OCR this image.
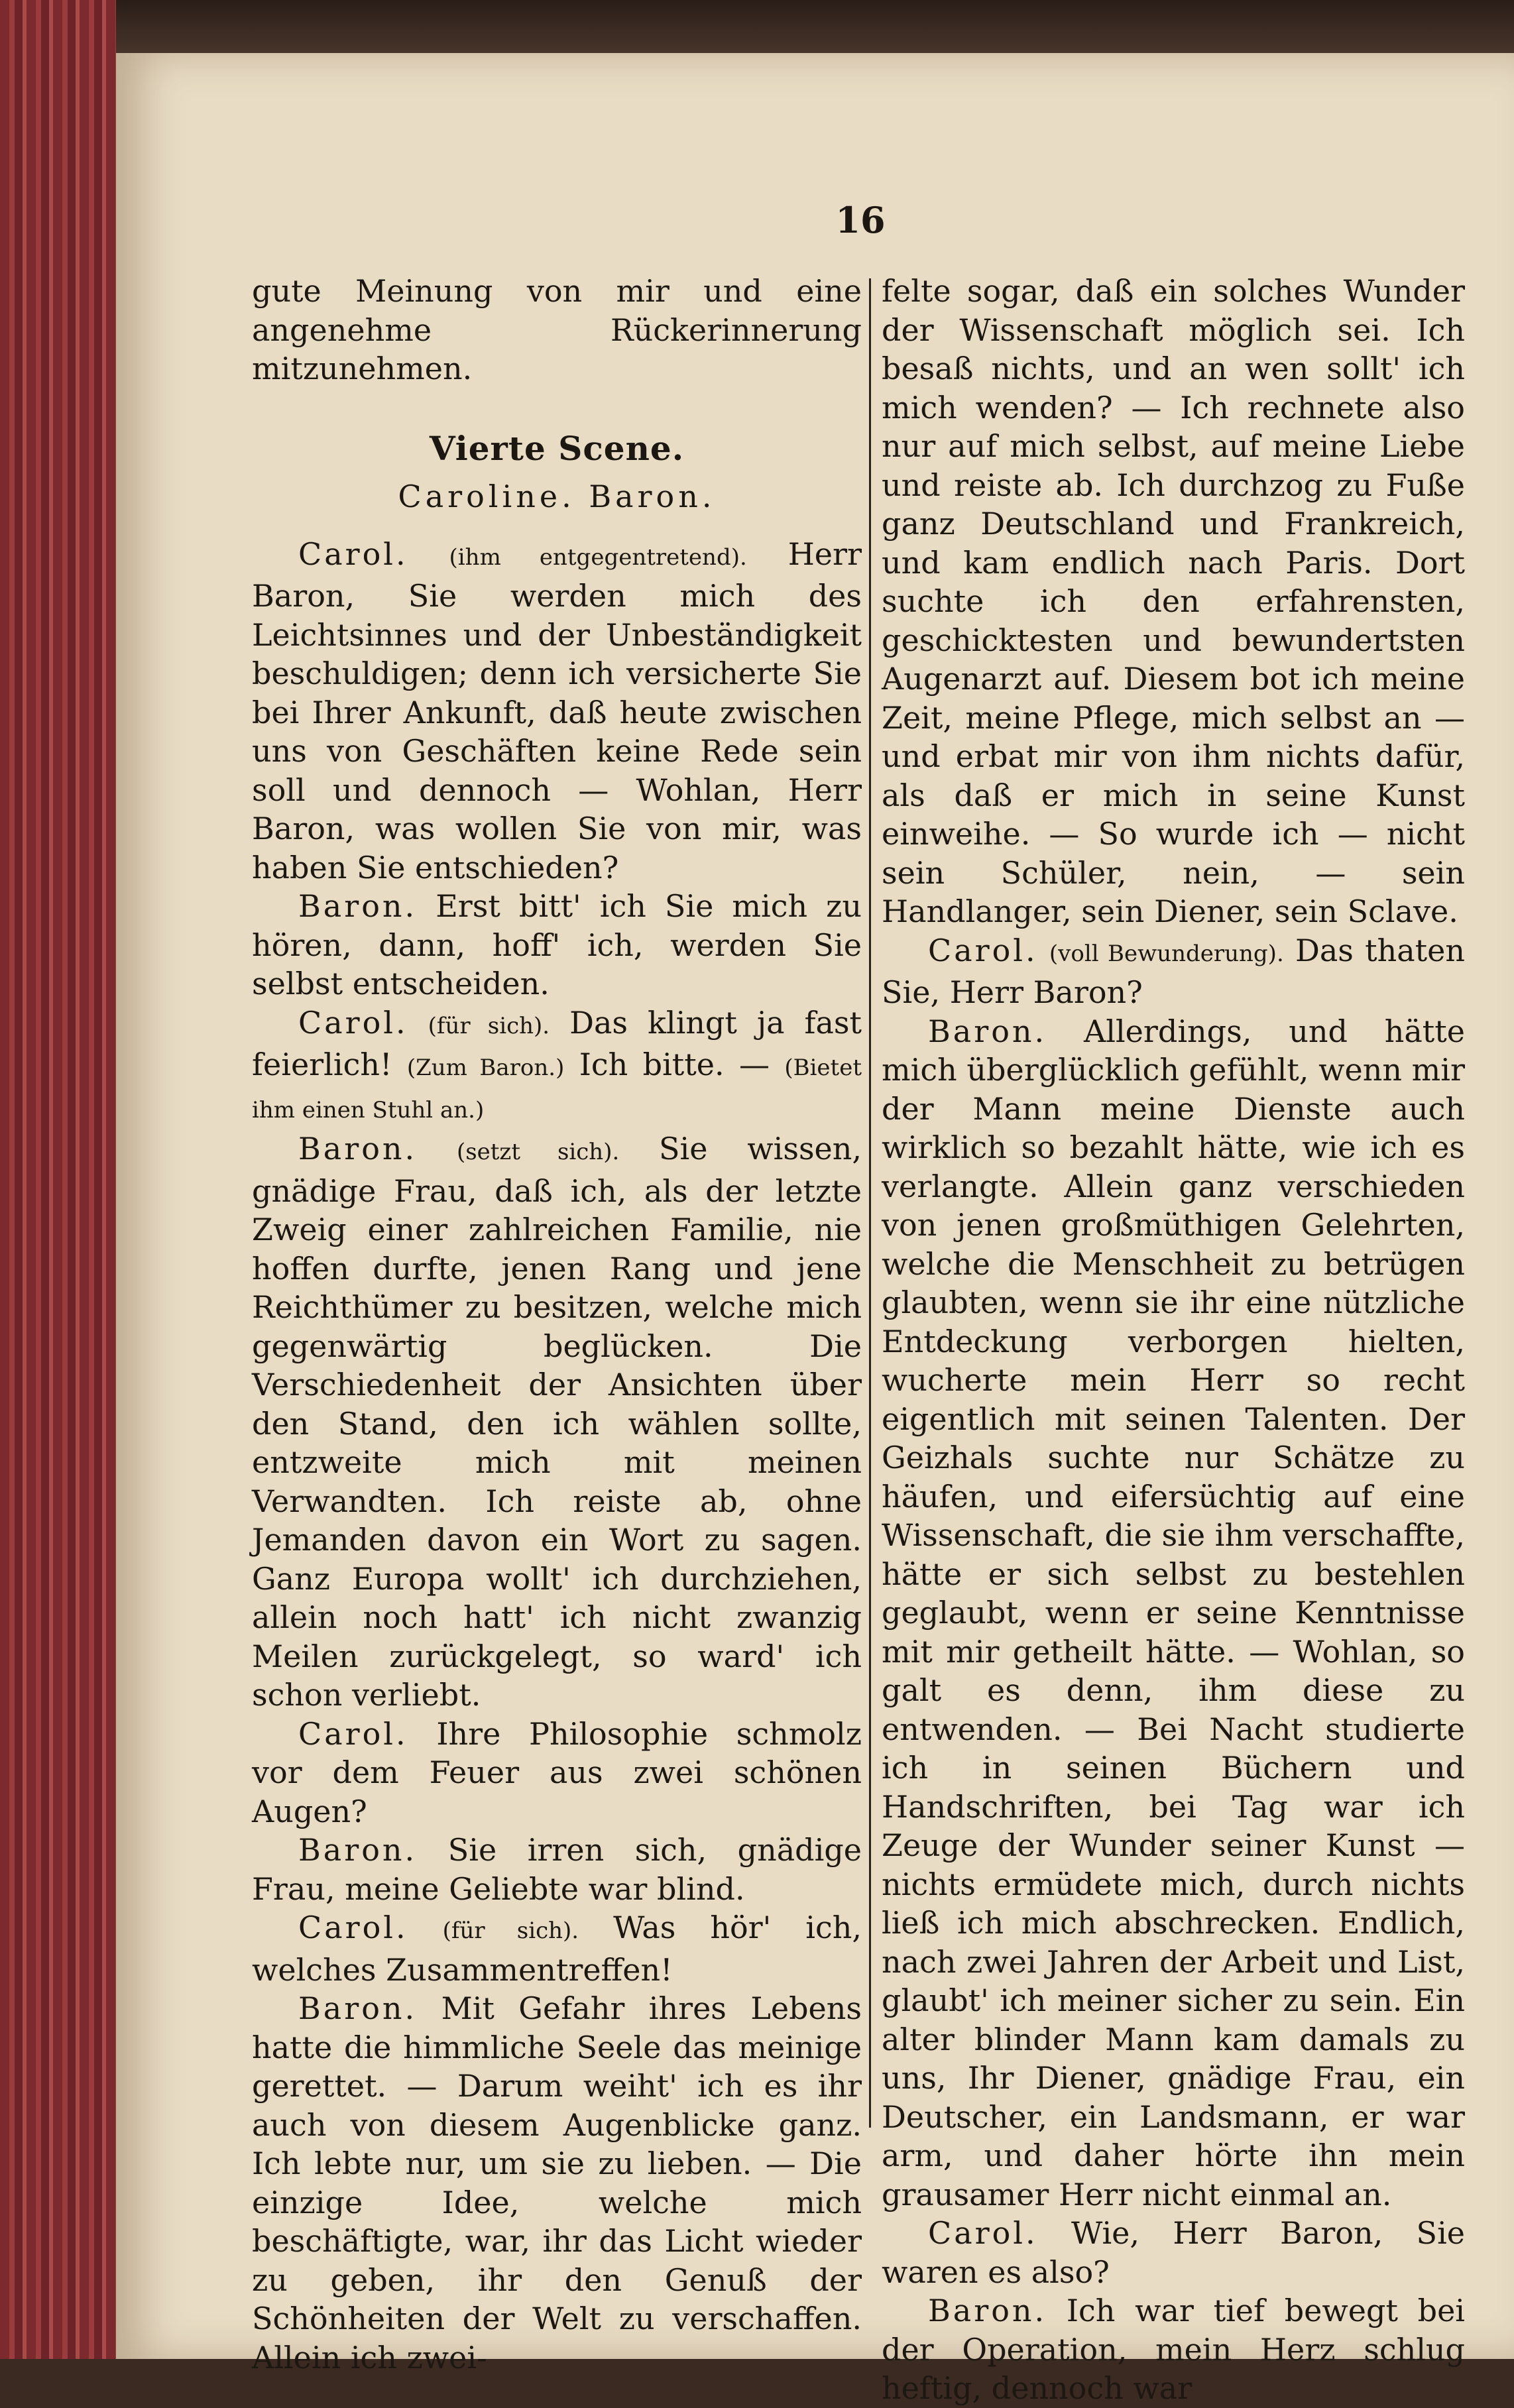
16

gute Meinung von mir und eine angenehme Rückerinnerung mitzunehmen.

Vierte Scene.

Caroline. Baron.

Carol. (ihm entgegentretend). Herr Baron, Sie werden mich des Leichtsinnes und der Unbeständigkeit beschuldigen; denn ich versicherte Sie bei Ihrer Ankunft, daß heute zwischen uns von Geschäften keine Rede sein soll und dennoch — Wohlan, Herr Baron, was wollen Sie von mir, was haben Sie entschieden?

Baron. Erst bitt' ich Sie mich zu hören, dann, hoff' ich, werden Sie selbst entscheiden.

Carol. (für sich). Das klingt ja fast feierlich! (Zum Baron.) Ich bitte. — (Bietet ihm einen Stuhl an.)

Baron. (setzt sich). Sie wissen, gnädige Frau, daß ich, als der letzte Zweig einer zahlreichen Familie, nie hoffen durfte, jenen Rang und jene Reichthümer zu besitzen, welche mich gegenwärtig beglücken. Die Verschiedenheit der Ansichten über den Stand, den ich wählen sollte, entzweite mich mit meinen Verwandten. Ich reiste ab, ohne Jemanden davon ein Wort zu sagen. Ganz Europa wollt' ich durchziehen, allein noch hatt' ich nicht zwanzig Meilen zurückgelegt, so ward' ich schon verliebt.

Carol. Ihre Philosophie schmolz vor dem Feuer aus zwei schönen Augen?

Baron. Sie irren sich, gnädige Frau, meine Geliebte war blind.

Carol. (für sich). Was hör' ich, welches Zusammentreffen!

Baron. Mit Gefahr ihres Lebens hatte die himmliche Seele das meinige gerettet. — Darum weiht' ich es ihr auch von diesem Augenblicke ganz. Ich lebte nur, um sie zu lieben. — Die einzige Idee, welche mich beschäftigte, war, ihr das Licht wieder zu geben, ihr den Genuß der Schönheiten der Welt zu verschaffen. Allein ich zwei-

felte sogar, daß ein solches Wunder der Wissenschaft möglich sei. Ich besaß nichts, und an wen sollt' ich mich wenden? — Ich rechnete also nur auf mich selbst, auf meine Liebe und reiste ab. Ich durchzog zu Fuße ganz Deutschland und Frankreich, und kam endlich nach Paris. Dort suchte ich den erfahrensten, geschicktesten und bewundertsten Augenarzt auf. Diesem bot ich meine Zeit, meine Pflege, mich selbst an — und erbat mir von ihm nichts dafür, als daß er mich in seine Kunst einweihe. — So wurde ich — nicht sein Schüler, nein, — sein Handlanger, sein Diener, sein Sclave.

Carol. (voll Bewunderung). Das thaten Sie, Herr Baron?

Baron. Allerdings, und hätte mich überglücklich gefühlt, wenn mir der Mann meine Dienste auch wirklich so bezahlt hätte, wie ich es verlangte. Allein ganz verschieden von jenen großmüthigen Gelehrten, welche die Menschheit zu betrügen glaubten, wenn sie ihr eine nützliche Entdeckung verborgen hielten, wucherte mein Herr so recht eigentlich mit seinen Talenten. Der Geizhals suchte nur Schätze zu häufen, und eifersüchtig auf eine Wissenschaft, die sie ihm verschaffte, hätte er sich selbst zu bestehlen geglaubt, wenn er seine Kenntnisse mit mir getheilt hätte. — Wohlan, so galt es denn, ihm diese zu entwenden. — Bei Nacht studierte ich in seinen Büchern und Handschriften, bei Tag war ich Zeuge der Wunder seiner Kunst — nichts ermüdete mich, durch nichts ließ ich mich abschrecken. Endlich, nach zwei Jahren der Arbeit und List, glaubt' ich meiner sicher zu sein. Ein alter blinder Mann kam damals zu uns, Ihr Diener, gnädige Frau, ein Deutscher, ein Landsmann, er war arm, und daher hörte ihn mein grausamer Herr nicht einmal an.

Carol. Wie, Herr Baron, Sie waren es also?

Baron. Ich war tief bewegt bei der Operation, mein Herz schlug heftig, dennoch war
